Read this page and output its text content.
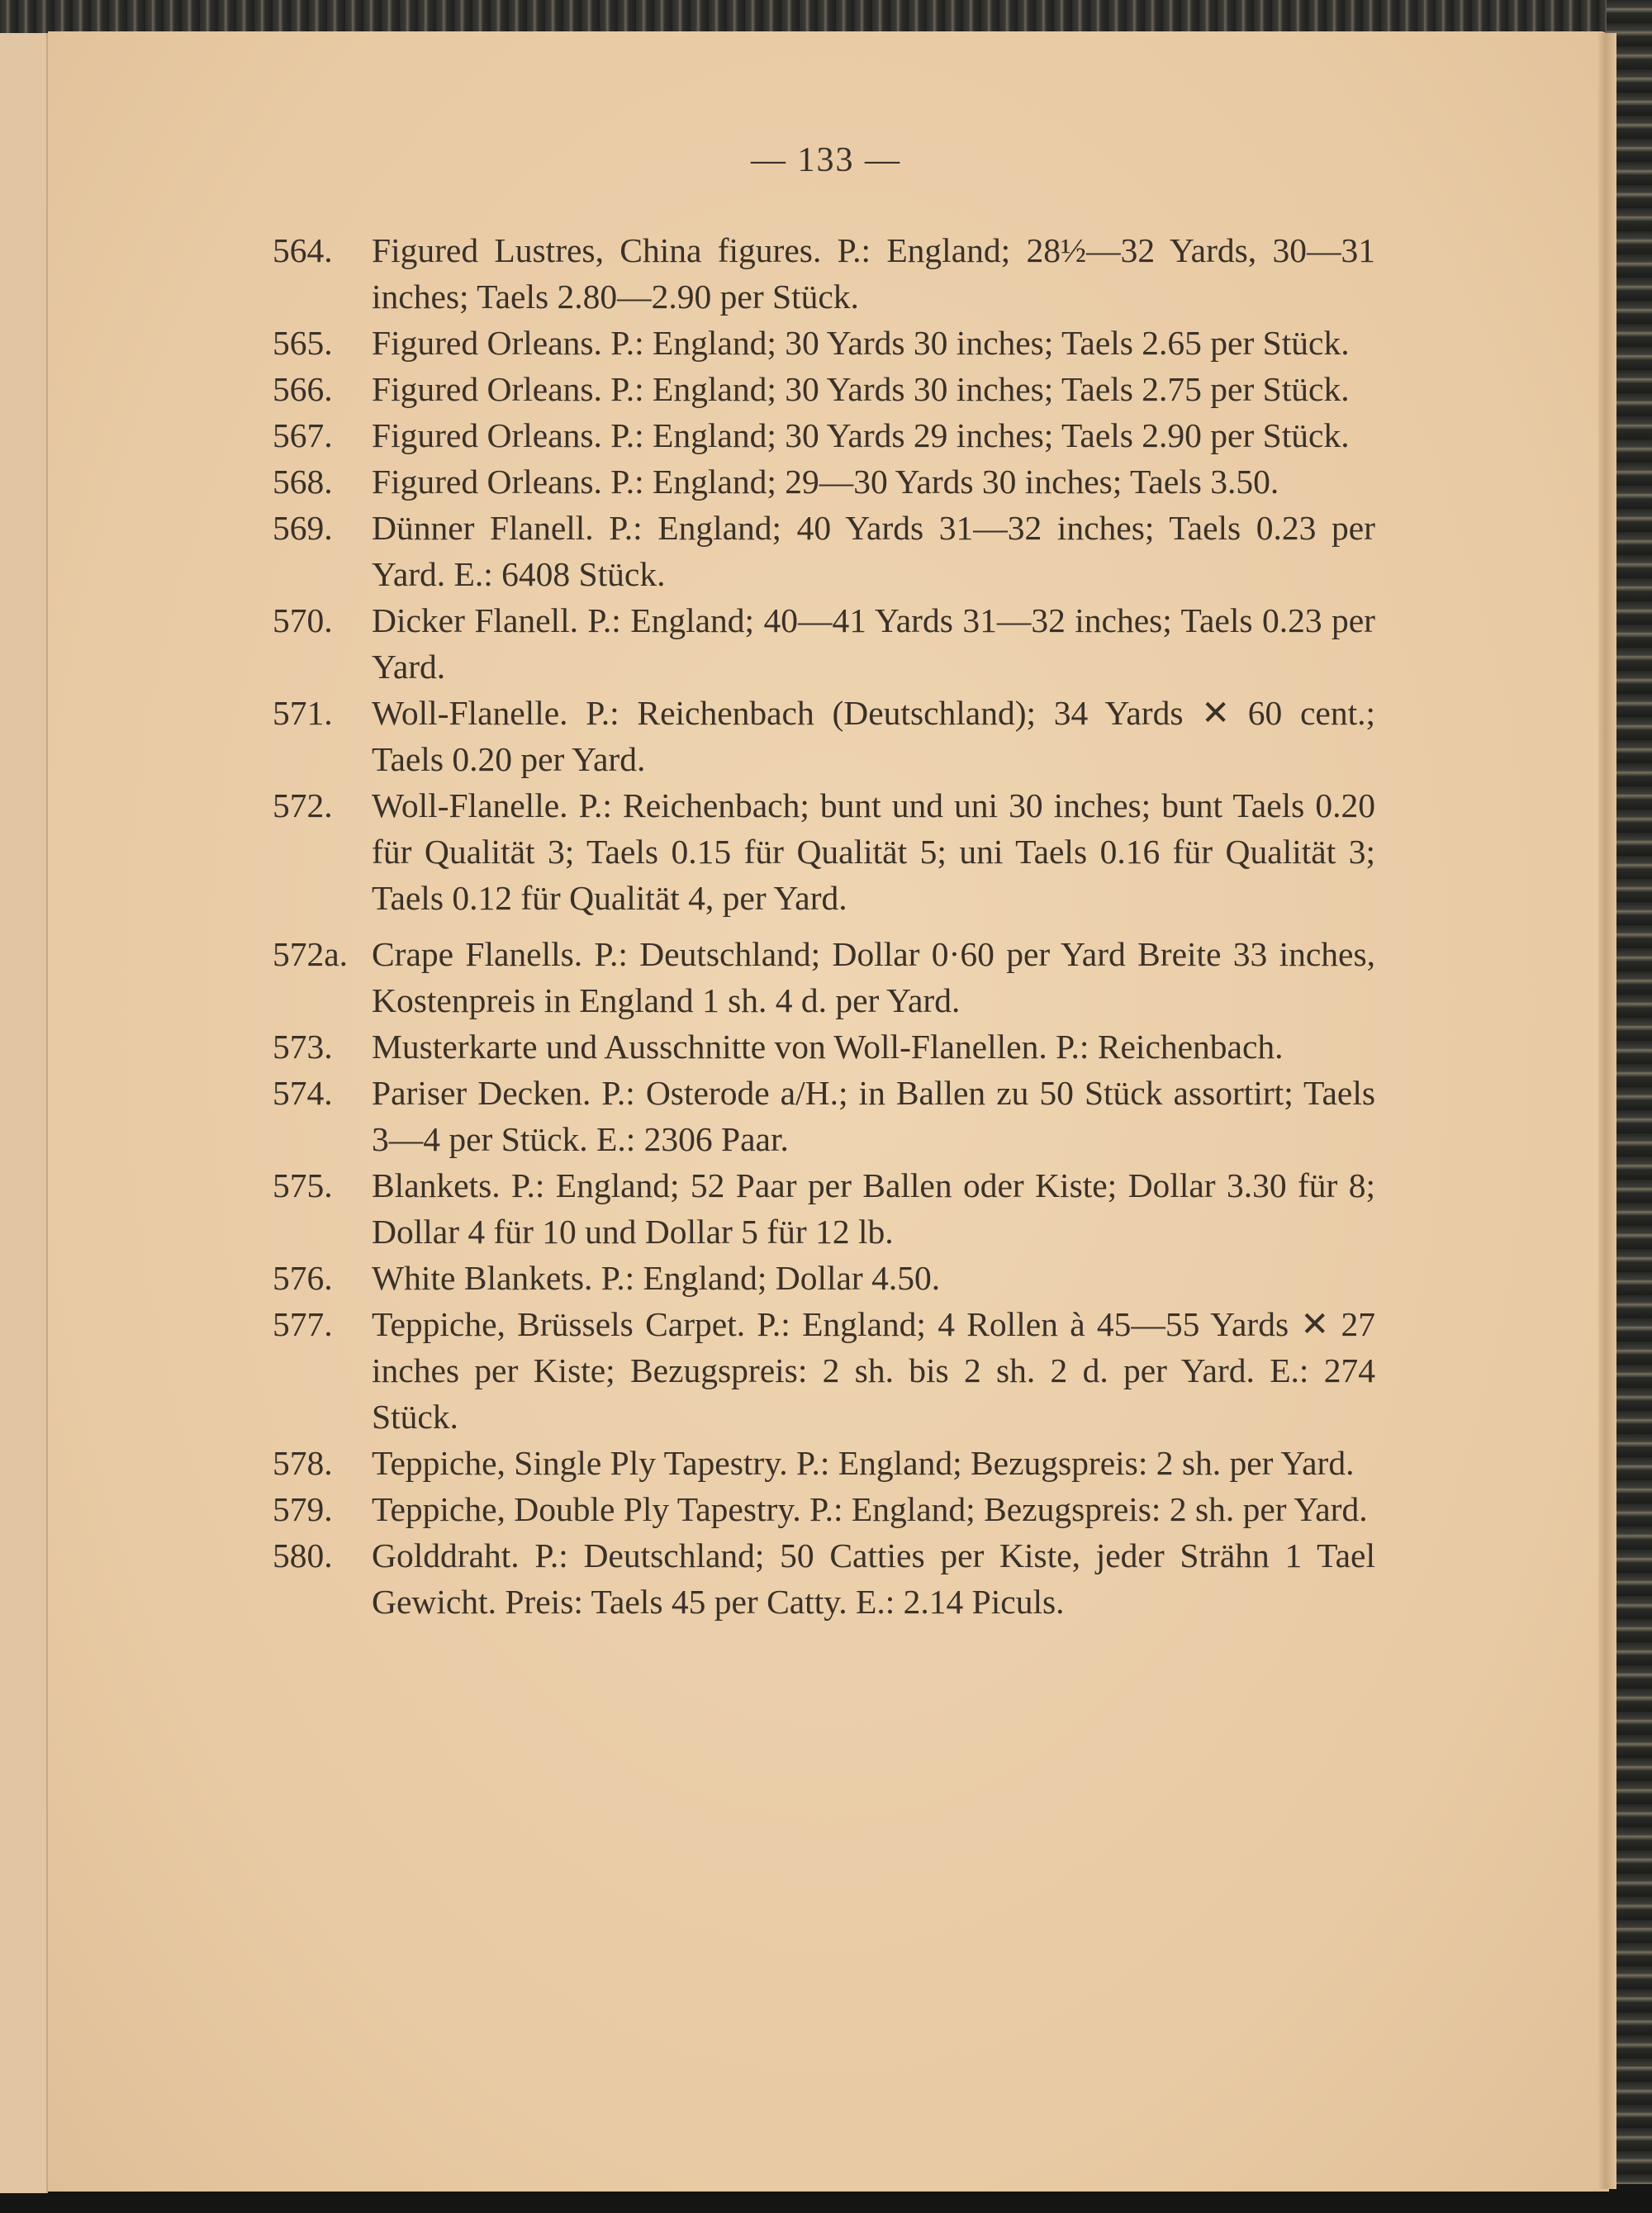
— 133 —
564.	Figured Lustres, China figures. P.: England; 28½—32 Yards, 30—31 inches; Taels 2.80—2.90 per Stück.
565.	Figured Orleans. P.: England; 30 Yards 30 inches; Taels 2.65 per Stück.
566.	Figured Orleans. P.: England; 30 Yards 30 inches; Taels 2.75 per Stück.
567.	Figured Orleans. P.: England; 30 Yards 29 inches; Taels 2.90 per Stück.
568.	Figured Orleans. P.: England; 29—30 Yards 30 inches; Taels 3.50.
569.	Dünner Flanell. P.: England; 40 Yards 31—32 inches; Taels 0.23 per Yard. E.: 6408 Stück.
570.	Dicker Flanell. P.: England; 40—41 Yards 31—32 inches; Taels 0.23 per Yard.
571.	Woll-Flanelle. P.: Reichenbach (Deutschland); 34 Yards ✕ 60 cent.; Taels 0.20 per Yard.
572.	Woll-Flanelle. P.: Reichenbach; bunt und uni 30 inches; bunt Taels 0.20 für Qualität 3; Taels 0.15 für Qualität 5; uni Taels 0.16 für Qualität 3; Taels 0.12 für Qualität 4, per Yard.
572a. Crape Flanells. P.: Deutschland; Dollar 0·60 per Yard Breite 33 inches, Kostenpreis in England 1 sh. 4 d. per Yard.
573.	Musterkarte und Ausschnitte von Woll-Flanellen. P.: Reichenbach.
574.	Pariser Decken. P.: Osterode a/H.; in Ballen zu 50 Stück assortirt; Taels 3—4 per Stück. E.: 2306 Paar.
575.	Blankets. P.: England; 52 Paar per Ballen oder Kiste; Dollar 3.30 für 8; Dollar 4 für 10 und Dollar 5 für 12 lb.
576.	White Blankets. P.: England; Dollar 4.50.
577.	Teppiche, Brüssels Carpet. P.: England; 4 Rollen à 45—55 Yards ✕ 27 inches per Kiste; Bezugspreis: 2 sh. bis 2 sh. 2 d. per Yard. E.: 274 Stück.
578.	Teppiche, Single Ply Tapestry. P.: England; Bezugspreis: 2 sh. per Yard.
579.	Teppiche, Double Ply Tapestry. P.: England; Bezugspreis: 2 sh. per Yard.
580.	Golddraht. P.: Deutschland; 50 Catties per Kiste, jeder Strähn 1 Tael Gewicht. Preis: Taels 45 per Catty. E.: 2.14 Piculs.
